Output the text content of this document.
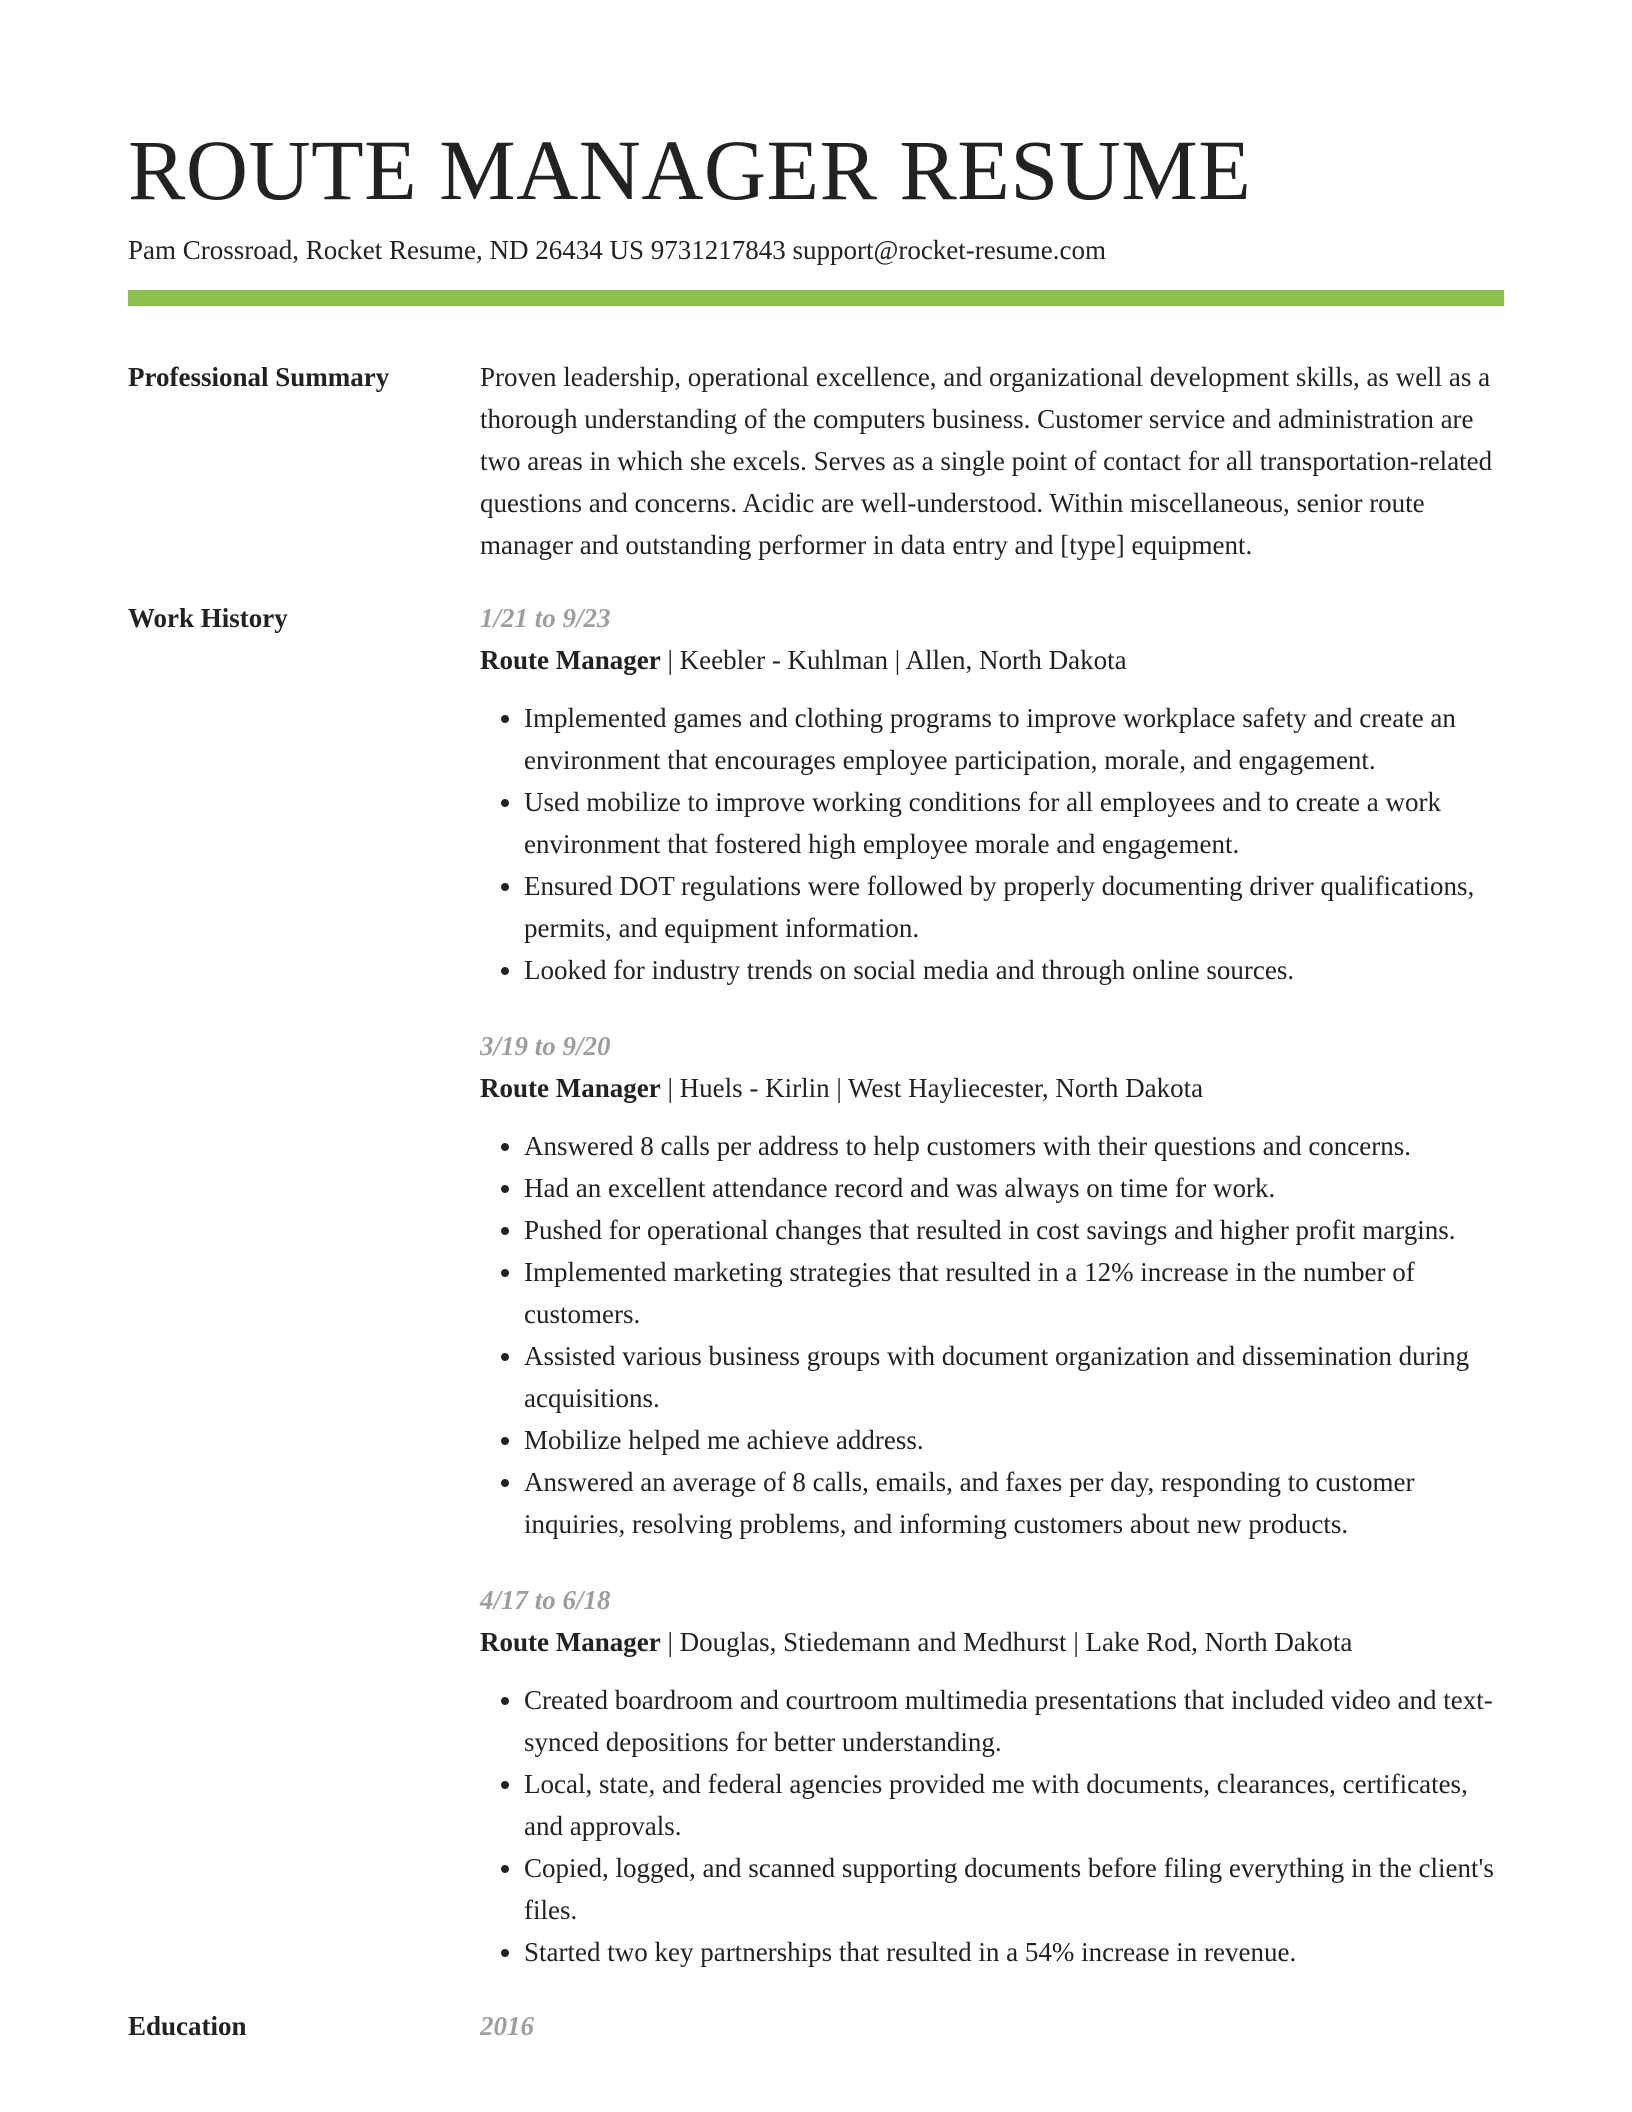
ROUTE MANAGER RESUME
Pam Crossroad, Rocket Resume, ND 26434 US 9731217843 support@rocket-resume.com
Professional Summary	Proven leadership, operational excellence, and organizational development skills, as well as a thorough understanding of the computers business. Customer service and administration are two areas in which she excels. Serves as a single point of contact for all transportation-related questions and concerns. Acidic are well-understood. Within miscellaneous, senior route manager and outstanding performer in data entry and [type] equipment.

Work History	1/21 to 9/23
Route Manager | Keebler - Kuhlman | Allen, North Dakota
• Implemented games and clothing programs to improve workplace safety and create an environment that encourages employee participation, morale, and engagement.
• Used mobilize to improve working conditions for all employees and to create a work environment that fostered high employee morale and engagement.
• Ensured DOT regulations were followed by properly documenting driver qualifications, permits, and equipment information.
• Looked for industry trends on social media and through online sources.
3/19 to 9/20
Route Manager | Huels - Kirlin | West Hayliecester, North Dakota
• Answered 8 calls per address to help customers with their questions and concerns.
• Had an excellent attendance record and was always on time for work.
• Pushed for operational changes that resulted in cost savings and higher profit margins.
• Implemented marketing strategies that resulted in a 12% increase in the number of customers.
• Assisted various business groups with document organization and dissemination during acquisitions.
• Mobilize helped me achieve address.
• Answered an average of 8 calls, emails, and faxes per day, responding to customer inquiries, resolving problems, and informing customers about new products.
4/17 to 6/18
Route Manager | Douglas, Stiedemann and Medhurst | Lake Rod, North Dakota
• Created boardroom and courtroom multimedia presentations that included video and text-synced depositions for better understanding.
• Local, state, and federal agencies provided me with documents, clearances, certificates, and approvals.
• Copied, logged, and scanned supporting documents before filing everything in the client's files.
• Started two key partnerships that resulted in a 54% increase in revenue.
Education	2016
